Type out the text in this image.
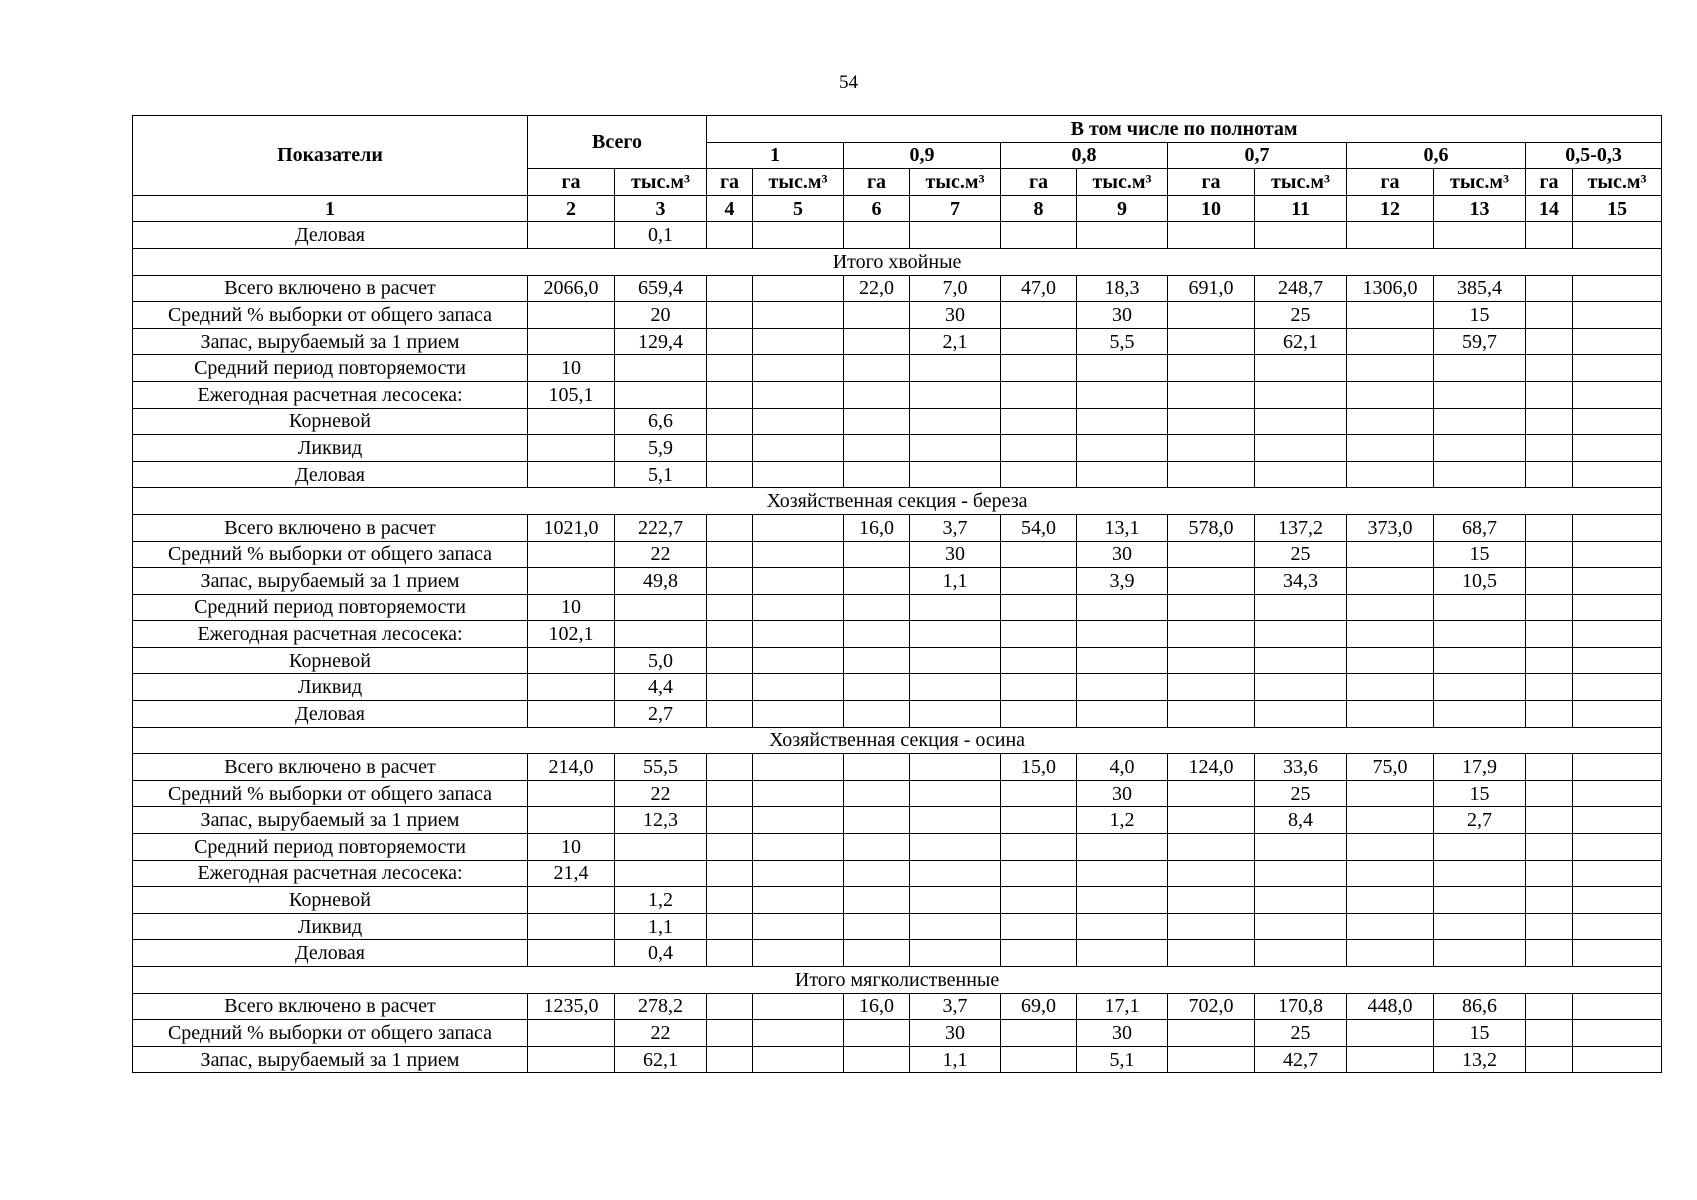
54
Показатели	Всего		В том числе по полнотам											
			1		0,9		0,8		0,7		0,6		0,5-0,3	
	га	тыс.м³	га	тыс.м³	га	тыс.м³	га	тыс.м³	га	тыс.м³	га	тыс.м³	га	тыс.м³
1	2	3	4	5	6	7	8	9	10	11	12	13	14	15
Деловая		0,1												
Итого хвойные														
Всего включено в расчет	2066,0	659,4			22,0	7,0	47,0	18,3	691,0	248,7	1306,0	385,4		
Средний % выборки от общего запаса		20				30		30		25		15		
Запас, вырубаемый за 1 прием		129,4				2,1		5,5		62,1		59,7		
Средний период повторяемости	10													
Ежегодная расчетная лесосека:	105,1													
Корневой		6,6												
Ликвид		5,9												
Деловая		5,1												
Хозяйственная секция - береза														
Всего включено в расчет	1021,0	222,7			16,0	3,7	54,0	13,1	578,0	137,2	373,0	68,7		
Средний % выборки от общего запаса		22				30		30		25		15		
Запас, вырубаемый за 1 прием		49,8				1,1		3,9		34,3		10,5		
Средний период повторяемости	10													
Ежегодная расчетная лесосека:	102,1													
Корневой		5,0												
Ликвид		4,4												
Деловая		2,7												
Хозяйственная секция - осина														
Всего включено в расчет	214,0	55,5					15,0	4,0	124,0	33,6	75,0	17,9		
Средний % выборки от общего запаса		22						30		25		15		
Запас, вырубаемый за 1 прием		12,3						1,2		8,4		2,7		
Средний период повторяемости	10													
Ежегодная расчетная лесосека:	21,4													
Корневой		1,2												
Ликвид		1,1												
Деловая		0,4												
Итого мягколиственные														
Всего включено в расчет	1235,0	278,2			16,0	3,7	69,0	17,1	702,0	170,8	448,0	86,6		
Средний % выборки от общего запаса		22				30		30		25		15		
Запас, вырубаемый за 1 прием		62,1				1,1		5,1		42,7		13,2		
